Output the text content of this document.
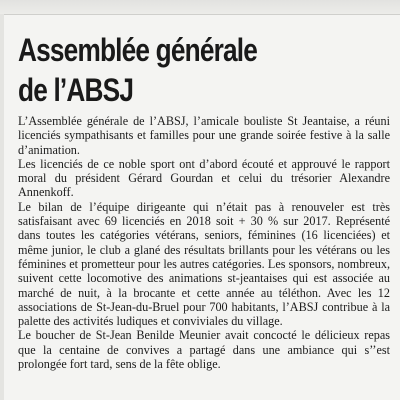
Assemblée générale
de l’ABSJ

L’Assemblée générale de l’ABSJ, l’amicale bouliste St Jeantaise, a réuni licenciés sympathisants et familles pour une grande soirée festive à la salle d’animation.

Les licenciés de ce noble sport ont d’abord écouté et approuvé le rapport moral du président Gérard Gourdan et celui du trésorier Alexandre Annenkoff.

Le bilan de l’équipe dirigeante qui n’était pas à renouveler est très satisfaisant avec 69 licenciés en 2018 soit + 30 % sur 2017. Représenté dans toutes les catégories vétérans, seniors, féminines (16 licenciées) et même junior, le club a glané des résultats brillants pour les vétérans ou les féminines et prometteur pour les autres catégories. Les sponsors, nombreux, suivent cette locomotive des animations st-jeantaises qui est associée au marché de nuit, à la brocante et cette année au téléthon. Avec les 12 associations de St-Jean-du-Bruel pour 700 habitants, l’ABSJ contribue à la palette des activités ludiques et conviviales du village.

Le boucher de St-Jean Benilde Meunier avait concocté le délicieux repas que la centaine de convives a partagé dans une ambiance qui s’’est prolongée fort tard, sens de la fête oblige.
